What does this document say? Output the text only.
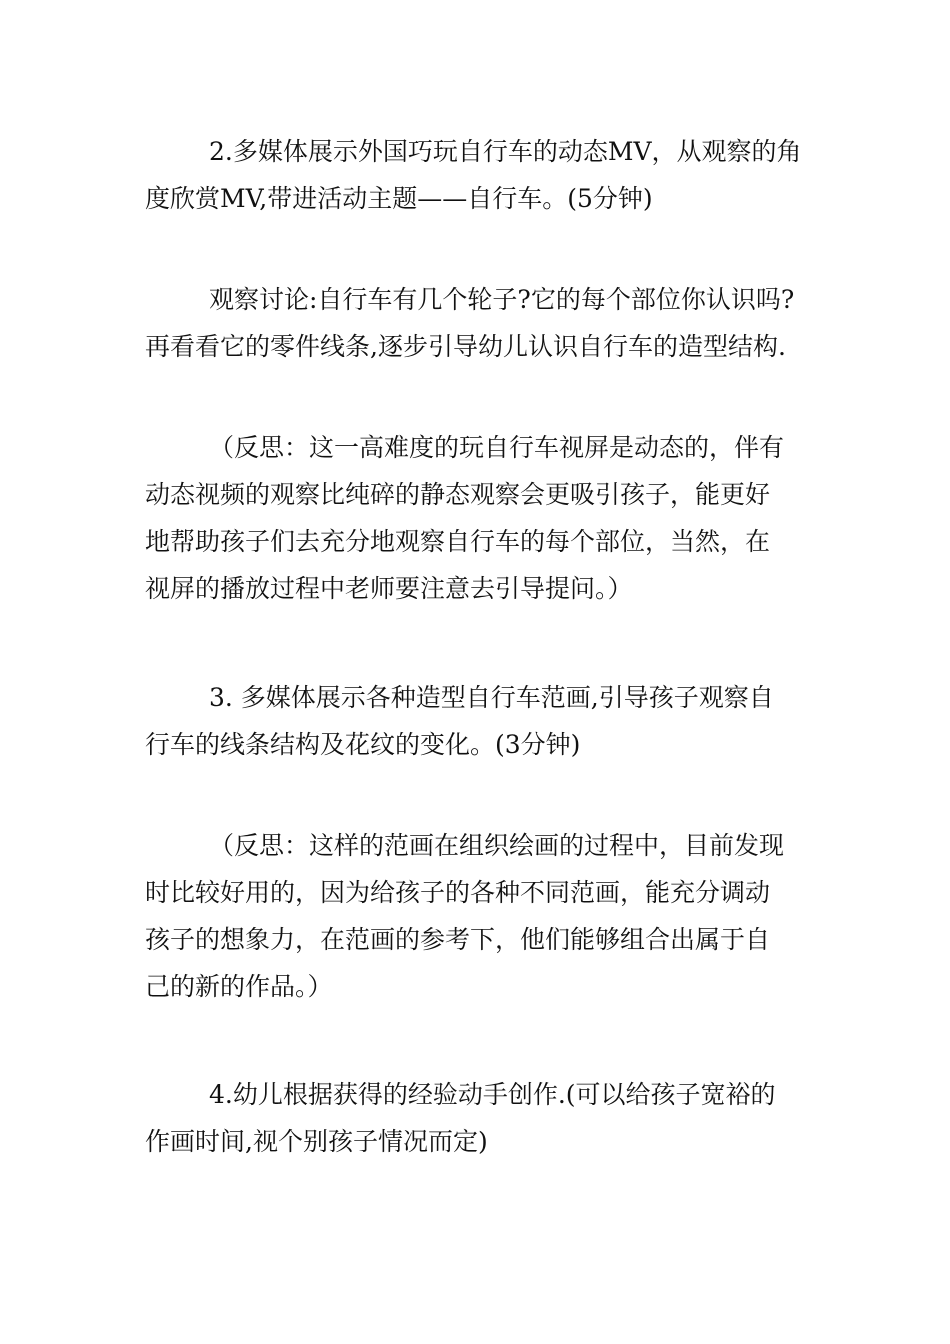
2.多媒体展示外国巧玩自行车的动态MV，从观察的角
度欣赏MV,带进活动主题——自行车。(5分钟)
观察讨论:自行车有几个轮子?它的每个部位你认识吗?
再看看它的零件线条,逐步引导幼儿认识自行车的造型结构.
（反思：这一高难度的玩自行车视屏是动态的，伴有
动态视频的观察比纯碎的静态观察会更吸引孩子，能更好
地帮助孩子们去充分地观察自行车的每个部位，当然，在
视屏的播放过程中老师要注意去引导提问。）
3. 多媒体展示各种造型自行车范画,引导孩子观察自
行车的线条结构及花纹的变化。(3分钟)
（反思：这样的范画在组织绘画的过程中，目前发现
时比较好用的，因为给孩子的各种不同范画，能充分调动
孩子的想象力，在范画的参考下，他们能够组合出属于自
己的新的作品。）
4.幼儿根据获得的经验动手创作.(可以给孩子宽裕的
作画时间,视个别孩子情况而定)
